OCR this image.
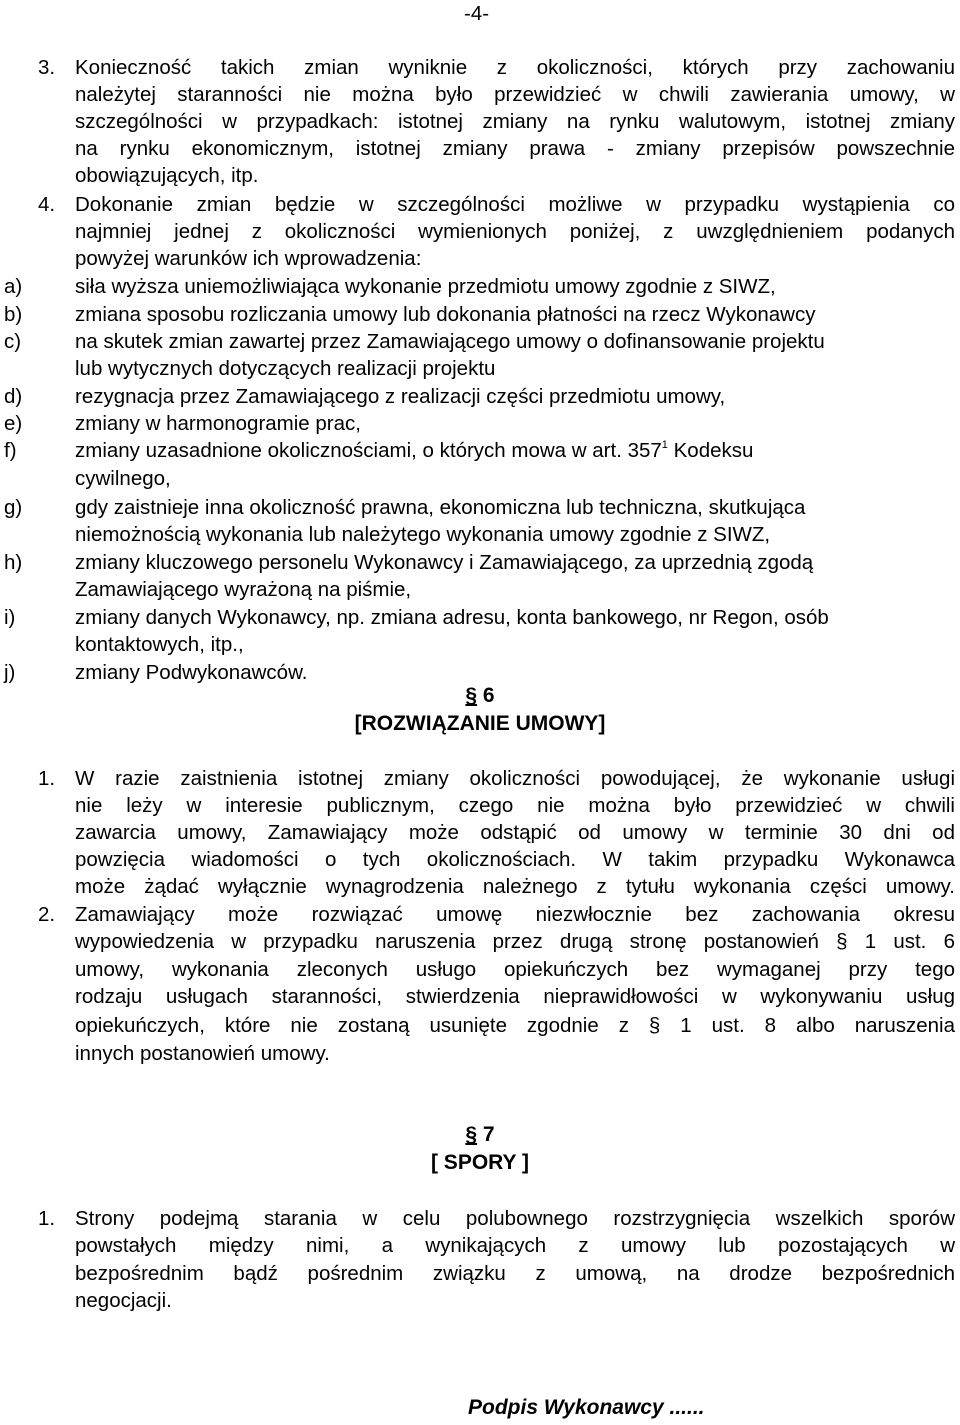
-4-
3. Konieczność takich zmian wyniknie z okoliczności, których przy zachowaniu
należytej staranności nie można było przewidzieć w chwili zawierania umowy, w
szczególności w przypadkach: istotnej zmiany na rynku walutowym, istotnej zmiany
na rynku ekonomicznym, istotnej zmiany prawa - zmiany przepisów powszechnie
obowiązujących, itp.
4. Dokonanie zmian będzie w szczególności możliwe w przypadku wystąpienia co
najmniej jednej z okoliczności wymienionych poniżej, z uwzględnieniem podanych
powyżej warunków ich wprowadzenia:
a)	siła wyższa uniemożliwiająca wykonanie przedmiotu umowy zgodnie z SIWZ,
b)	zmiana sposobu rozliczania umowy lub dokonania płatności na rzecz Wykonawcy
c)	na skutek zmian zawartej przez Zamawiającego umowy o dofinansowanie projektu
lub wytycznych dotyczących realizacji projektu
d)	rezygnacja przez Zamawiającego z realizacji części przedmiotu umowy,
e)	zmiany w harmonogramie prac,
f)	zmiany uzasadnione okolicznościami, o których mowa w art. $357^1$ Kodeksu
cywilnego,
g)	gdy zaistnieje inna okoliczność prawna, ekonomiczna lub techniczna, skutkująca
niemożnością wykonania lub należytego wykonania umowy zgodnie z SIWZ,
h)	zmiany kluczowego personelu Wykonawcy i Zamawiającego, za uprzednią zgodą
Zamawiającego wyrażoną na piśmie,
i)	zmiany danych Wykonawcy, np. zmiana adresu, konta bankowego, nr Regon, osób
kontaktowych, itp.,
j)	zmiany Podwykonawców.
§ 6
[ROZWIĄZANIE UMOWY]
1. W razie zaistnienia istotnej zmiany okoliczności powodującej, że wykonanie usługi
nie leży w interesie publicznym, czego nie można było przewidzieć w chwili
zawarcia umowy, Zamawiający może odstąpić od umowy w terminie 30 dni od
powzięcia wiadomości o tych okolicznościach. W takim przypadku Wykonawca
może żądać wyłącznie wynagrodzenia należnego z tytułu wykonania części umowy.
2. Zamawiający może rozwiązać umowę niezwłocznie bez zachowania okresu
wypowiedzenia w przypadku naruszenia przez drugą stronę postanowień § 1 ust. 6
umowy, wykonania zleconych usługo opiekuńczych bez wymaganej przy tego
rodzaju usługach staranności, stwierdzenia nieprawidłowości w wykonywaniu usług
opiekuńczych, które nie zostaną usunięte zgodnie z § 1 ust. 8 albo naruszenia
innych postanowień umowy.
§ 7
[ SPORY ]
1. Strony podejmą starania w celu polubownego rozstrzygnięcia wszelkich sporów
powstałych między nimi, a wynikających z umowy lub pozostających w
bezpośrednim bądź pośrednim związku z umową, na drodze bezpośrednich
negocjacji.
Podpis Wykonawcy ......
